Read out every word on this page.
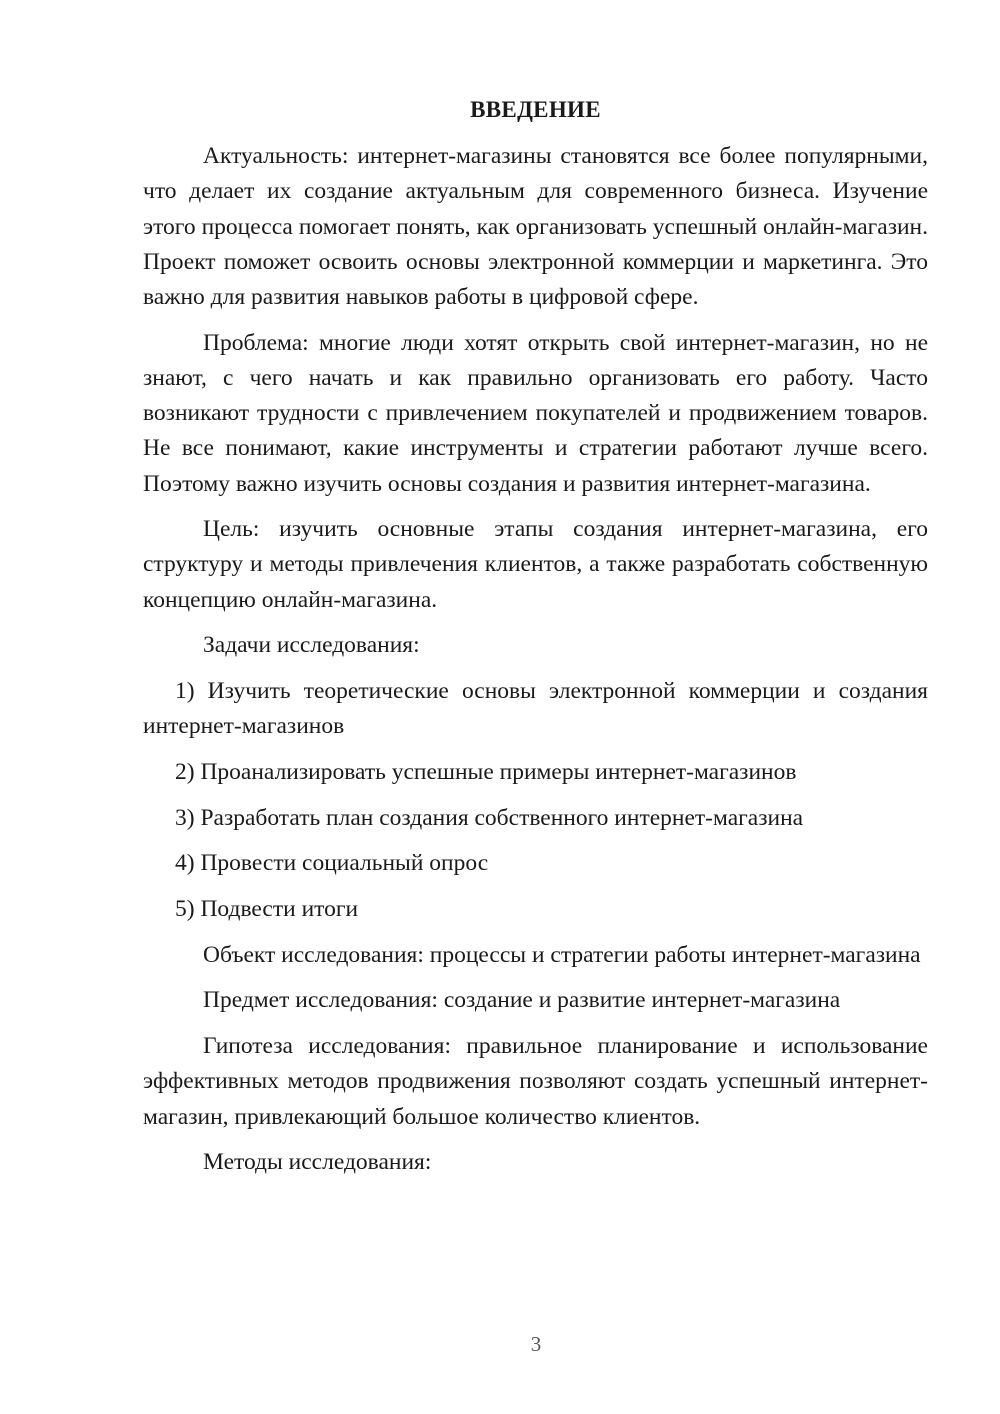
ВВЕДЕНИЕ

Актуальность: интернет-магазины становятся все более популярными, что делает их создание актуальным для современного бизнеса. Изучение этого процесса помогает понять, как организовать успешный онлайн-магазин. Проект поможет освоить основы электронной коммерции и маркетинга. Это важно для развития навыков работы в цифровой сфере.

Проблема: многие люди хотят открыть свой интернет-магазин, но не знают, с чего начать и как правильно организовать его работу. Часто возникают трудности с привлечением покупателей и продвижением товаров. Не все понимают, какие инструменты и стратегии работают лучше всего. Поэтому важно изучить основы создания и развития интернет-магазина.

Цель: изучить основные этапы создания интернет-магазина, его структуру и методы привлечения клиентов, а также разработать собственную концепцию онлайн-магазина.

Задачи исследования:

1) Изучить теоретические основы электронной коммерции и создания интернет-магазинов

2) Проанализировать успешные примеры интернет-магазинов

3) Разработать план создания собственного интернет-магазина

4) Провести социальный опрос

5) Подвести итоги

Объект исследования: процессы и стратегии работы интернет-магазина

Предмет исследования: создание и развитие интернет-магазина

Гипотеза исследования: правильное планирование и использование эффективных методов продвижения позволяют создать успешный интернет-магазин, привлекающий большое количество клиентов.

Методы исследования:

3
